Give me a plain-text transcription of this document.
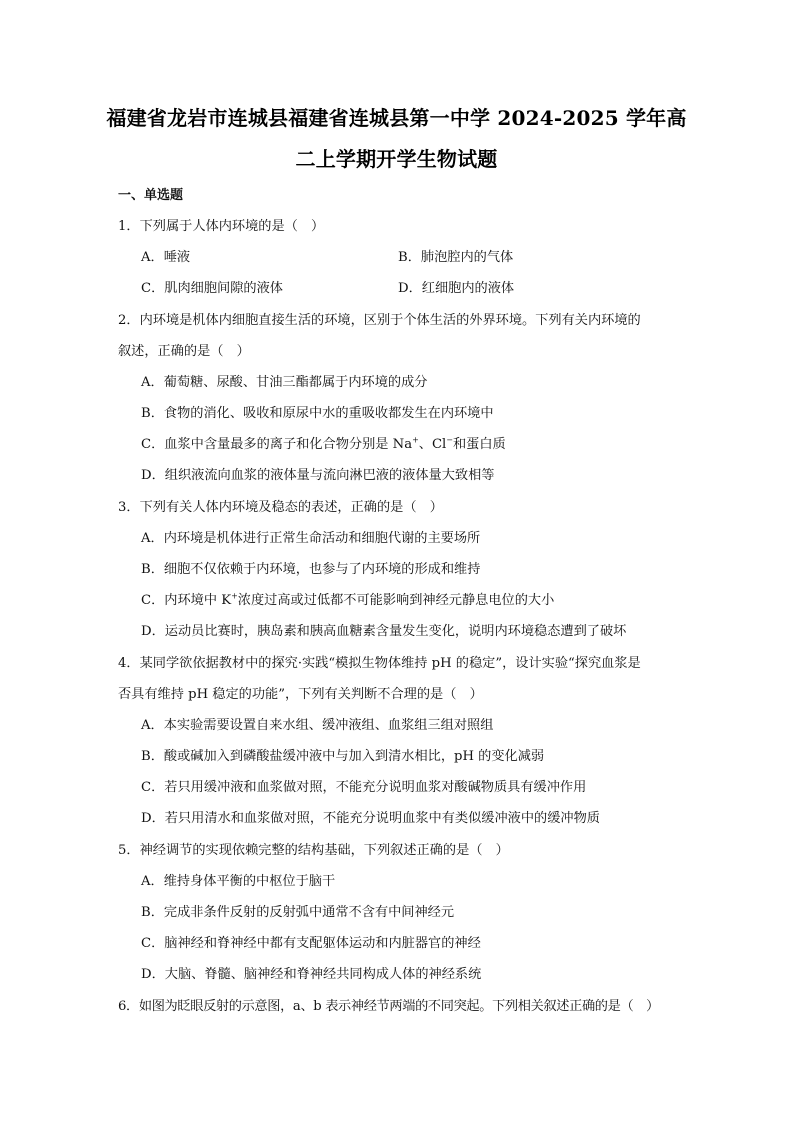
福建省龙岩市连城县福建省连城县第一中学 2024-2025 学年高
二上学期开学生物试题
一、单选题
1．下列属于人体内环境的是（　）
A．唾液	B．肺泡腔内的气体
C．肌肉细胞间隙的液体	D．红细胞内的液体
2．内环境是机体内细胞直接生活的环境，区别于个体生活的外界环境。下列有关内环境的
叙述，正确的是（　）
A．葡萄糖、尿酸、甘油三酯都属于内环境的成分
B．食物的消化、吸收和原尿中水的重吸收都发生在内环境中
C．血浆中含量最多的离子和化合物分别是 Na+、Cl−和蛋白质
D．组织液流向血浆的液体量与流向淋巴液的液体量大致相等
3．下列有关人体内环境及稳态的表述，正确的是（　）
A．内环境是机体进行正常生命活动和细胞代谢的主要场所
B．细胞不仅依赖于内环境，也参与了内环境的形成和维持
C．内环境中 K+浓度过高或过低都不可能影响到神经元静息电位的大小
D．运动员比赛时，胰岛素和胰高血糖素含量发生变化，说明内环境稳态遭到了破坏
4．某同学欲依据教材中的探究·实践“模拟生物体维持 pH 的稳定”，设计实验“探究血浆是
否具有维持 pH 稳定的功能”，下列有关判断不合理的是（　）
A．本实验需要设置自来水组、缓冲液组、血浆组三组对照组
B．酸或碱加入到磷酸盐缓冲液中与加入到清水相比，pH 的变化减弱
C．若只用缓冲液和血浆做对照，不能充分说明血浆对酸碱物质具有缓冲作用
D．若只用清水和血浆做对照，不能充分说明血浆中有类似缓冲液中的缓冲物质
5．神经调节的实现依赖完整的结构基础，下列叙述正确的是（　）
A．维持身体平衡的中枢位于脑干
B．完成非条件反射的反射弧中通常不含有中间神经元
C．脑神经和脊神经中都有支配躯体运动和内脏器官的神经
D．大脑、脊髓、脑神经和脊神经共同构成人体的神经系统
6．如图为眨眼反射的示意图，a、b 表示神经节两端的不同突起。下列相关叙述正确的是（　）
